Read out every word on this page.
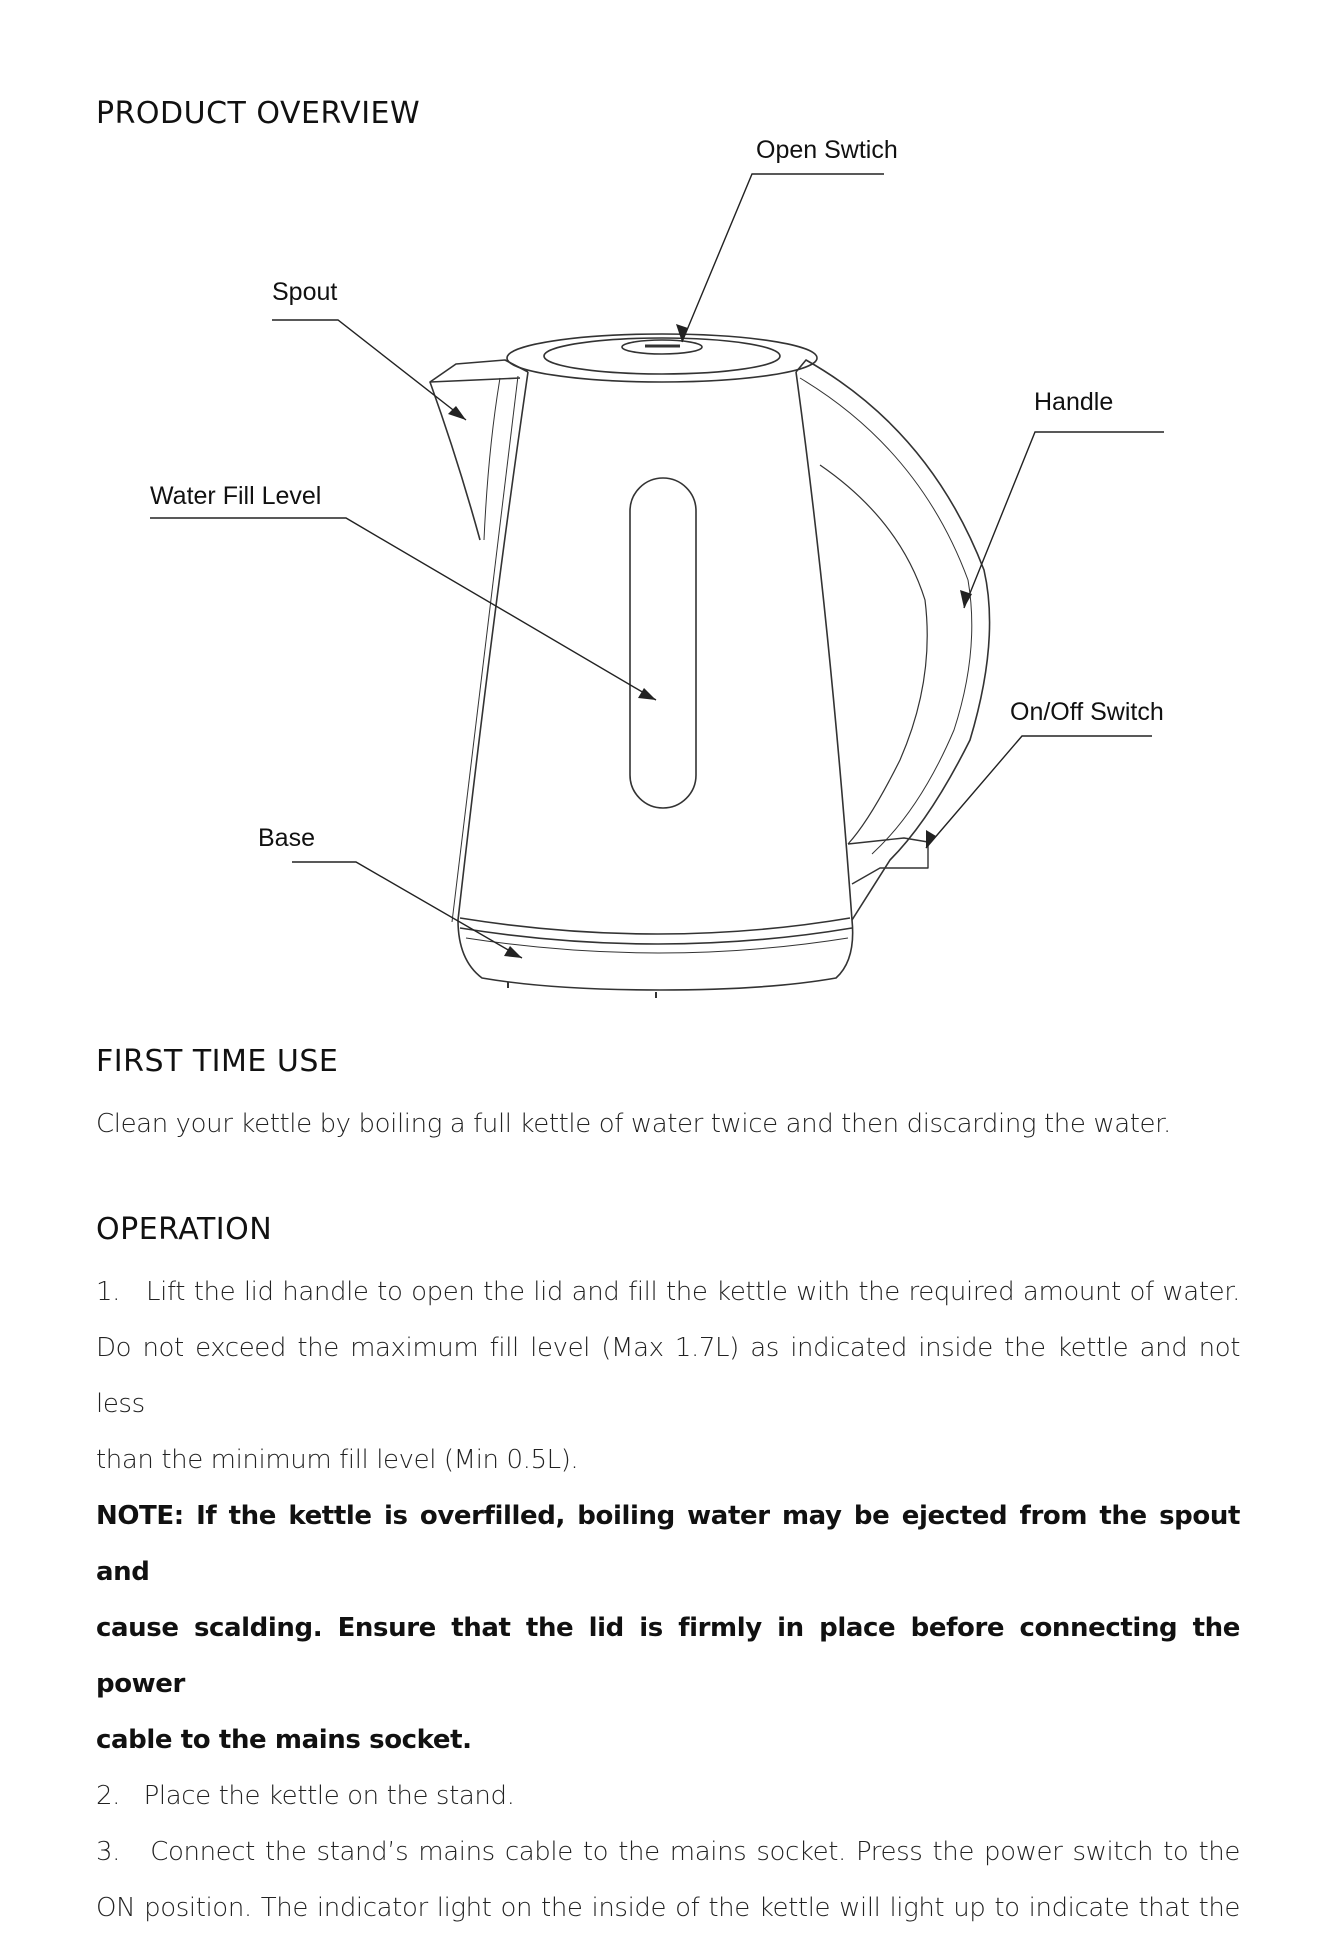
PRODUCT OVERVIEW
Open Swtich
Spout
Handle
Water Fill Level
On/Off Switch
Base
FIRST TIME USE

Clean your kettle by boiling a full kettle of water twice and then discarding the water.

OPERATION
1. Lift the lid handle to open the lid and fill the kettle with the required amount of water.
Do not exceed the maximum fill level (Max 1.7L) as indicated inside the kettle and not less
than the minimum fill level (Min 0.5L).
NOTE: If the kettle is overfilled, boiling water may be ejected from the spout and
cause scalding. Ensure that the lid is firmly in place before connecting the power
cable to the mains socket.
2. Place the kettle on the stand.
3. Connect the stand’s mains cable to the mains socket. Press the power switch to the
ON position. The indicator light on the inside of the kettle will light up to indicate that the
